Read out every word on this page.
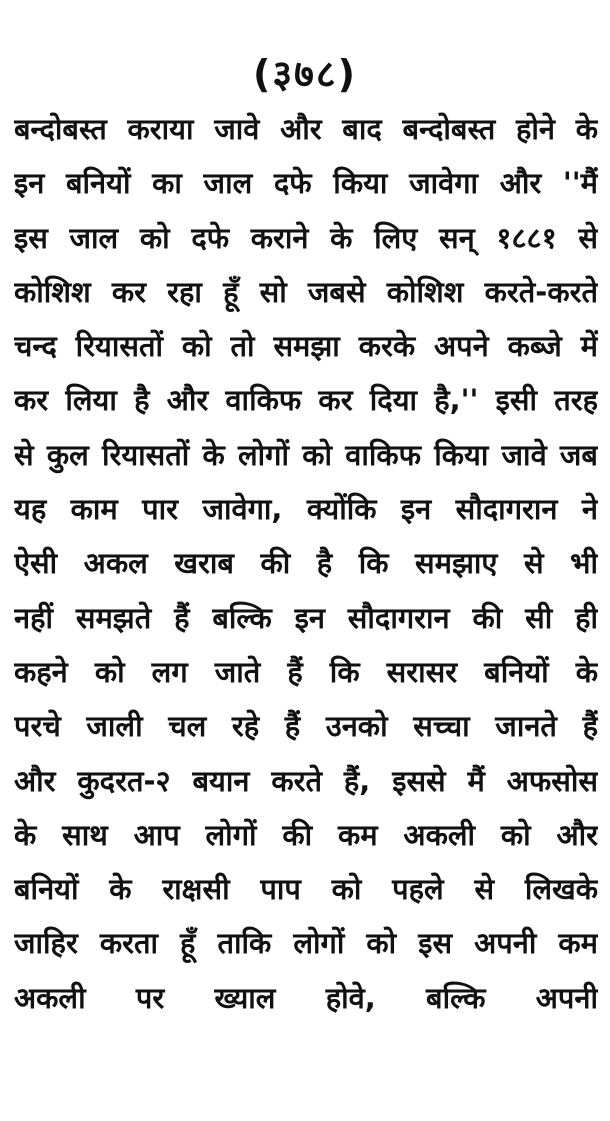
(३७८)
बन्दोबस्त कराया जावे और बाद बन्दोबस्त होने के
इन बनियों का जाल दफे किया जावेगा और ''मैं
इस जाल को दफे कराने के लिए सन् १८८१ से
कोशिश कर रहा हूँ सो जबसे कोशिश करते-करते
चन्द रियासतों को तो समझा करके अपने कब्जे में
कर लिया है और वाकिफ कर दिया है,'' इसी तरह
से कुल रियासतों के लोगों को वाकिफ किया जावे जब
यह काम पार जावेगा, क्योंकि इन सौदागरान ने
ऐसी अकल खराब की है कि समझाए से भी
नहीं समझते हैं बल्कि इन सौदागरान की सी ही
कहने को लग जाते हैं कि सरासर बनियों के
परचे जाली चल रहे हैं उनको सच्चा जानते हैं
और कुदरत-२ बयान करते हैं, इससे मैं अफसोस
के साथ आप लोगों की कम अकली को और
बनियों के राक्षसी पाप को पहले से लिखके
जाहिर करता हूँ ताकि लोगों को इस अपनी कम
अकली पर ख्याल होवे, बल्कि अपनी
